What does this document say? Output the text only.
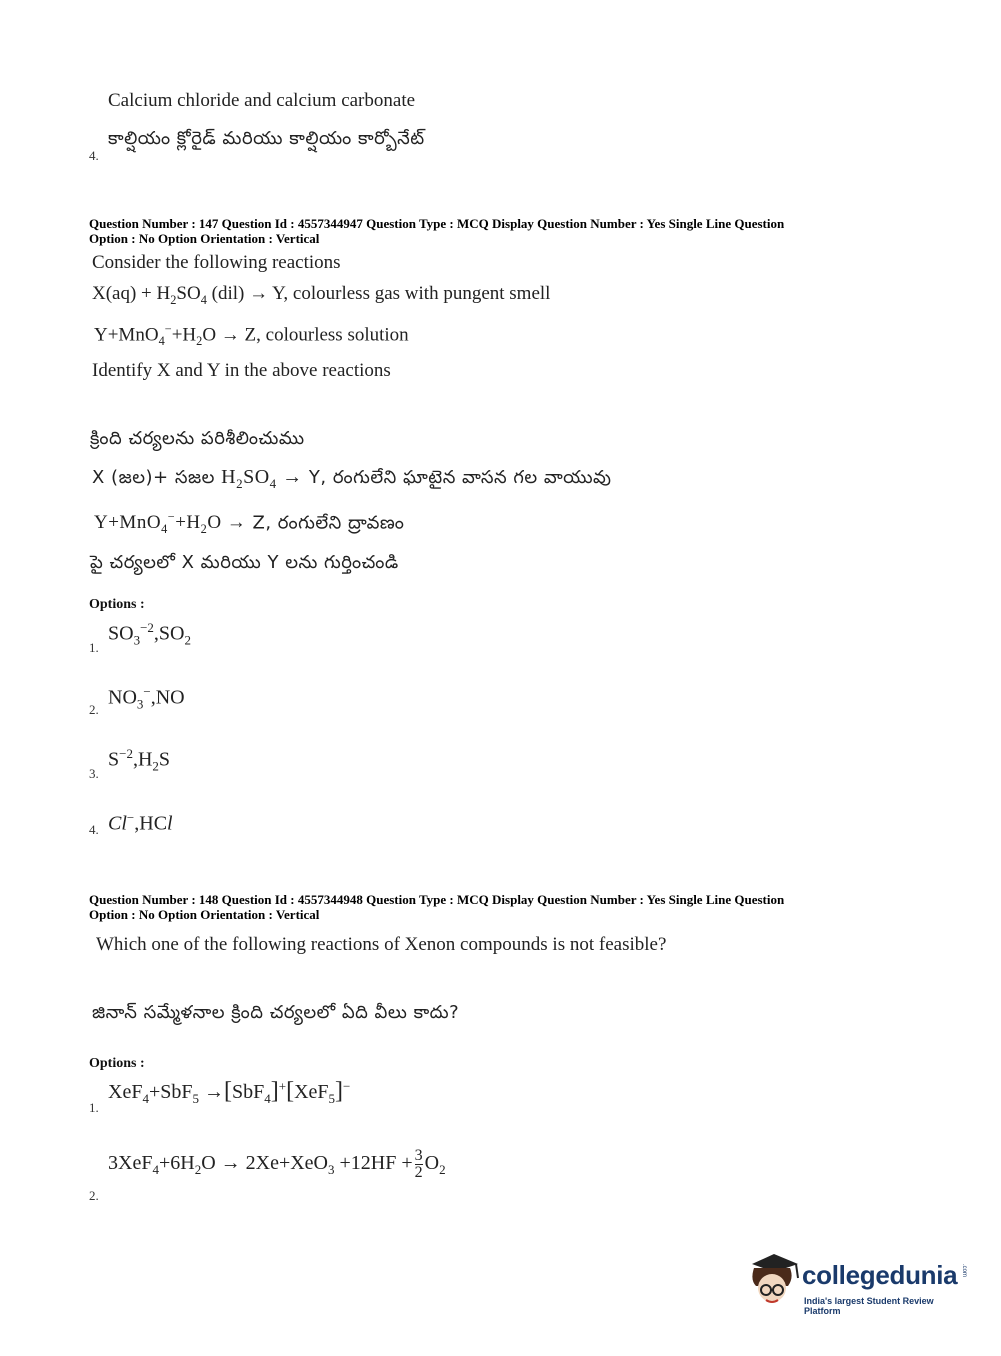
Calcium chloride and calcium carbonate
కాల్షియం క్లోరైడ్ మరియు కాల్షియం కార్బోనేట్
4.
Question Number : 147 Question Id : 4557344947 Question Type : MCQ Display Question Number : Yes Single Line Question
Option : No Option Orientation : Vertical
Consider the following reactions
$X(aq) + H_2SO_4$ (dil) → Y, colourless gas with pungent smell
$Y+MnO_4^-+H_2O \to Z$, colourless solution
Identify X and Y in the above reactions
క్రింది చర్యలను పరిశీలించుము
X (జల)+ సజల $H_2SO_4 \to Y$, రంగులేని ఘాటైన వాసన గల వాయువు
$Y+MnO_4^-+H_2O \to Z$, రంగులేని ద్రావణం
పై చర్యలలో X మరియు Y లను గుర్తించండి
Options :
$SO_3^{-2},SO_2$
1.
$NO_3^-,NO$
2.
$S^{-2},H_2S$
3.
Cl−,HCl
4.
Question Number : 148 Question Id : 4557344948 Question Type : MCQ Display Question Number : Yes Single Line Question
Option : No Option Orientation : Vertical
Which one of the following reactions of Xenon compounds is not feasible?
జినాన్ సమ్మేళనాల క్రింది చర్యలలో ఏది వీలు కాదు?
Options :
XeF$_4$+SbF$_5$ →[SbF$_4$]+[XeF$_5$]−
1.
$3XeF_4+6H_2O \to 2Xe+XeO_3 +12HF + \frac{3}{2} O_2$
2.
collegedunia .com
India's largest Student Review Platform
